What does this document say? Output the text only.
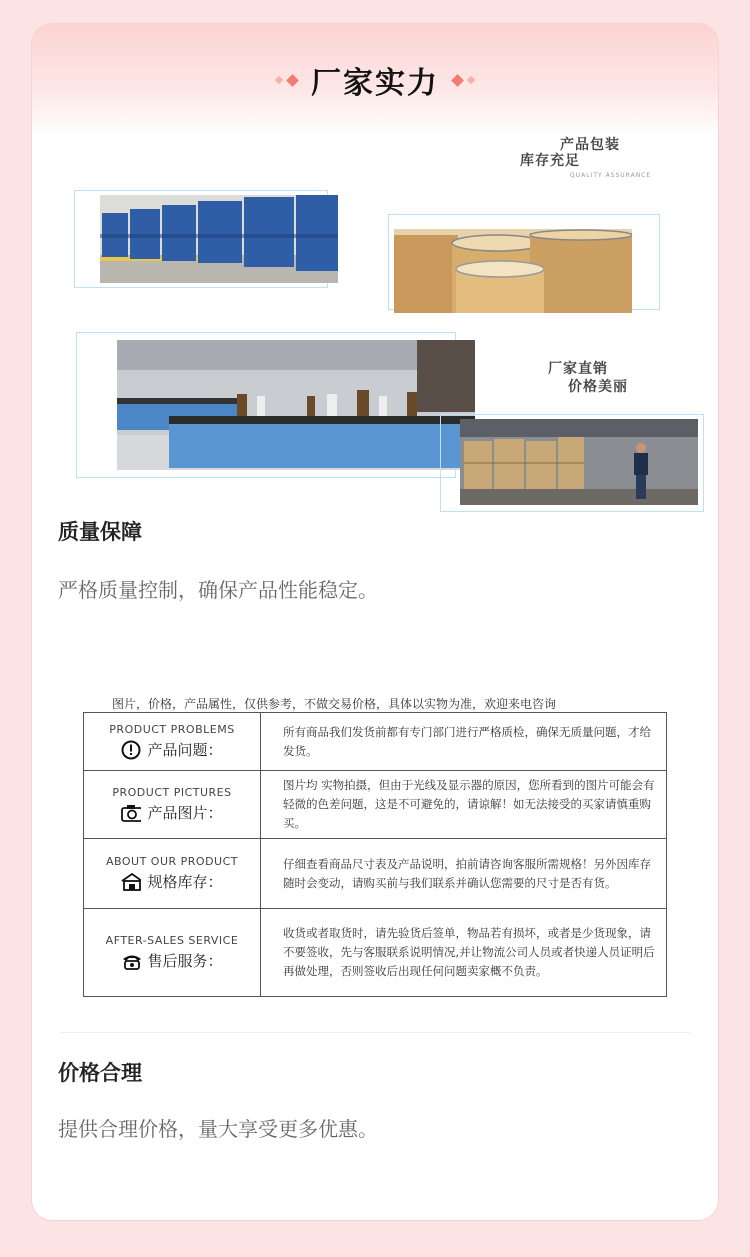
厂家实力
产品包装
库存充足
QUALITY ASSURANCE
厂家直销
价格美丽
质量保障
严格质量控制，确保产品性能稳定。
图片，价格，产品属性，仅供参考，不做交易价格，具体以实物为准，欢迎来电咨询
PRODUCT PROBLEMS
产品问题：	所有商品我们发货前都有专门部门进行严格质检，确保无质量问题，才给发货。

PRODUCT PICTURES
产品图片：	图片均 实物拍摄，但由于光线及显示器的原因，您所看到的图片可能会有轻微的色差问题，这是不可避免的，请谅解！如无法接受的买家请慎重购买。

ABOUT OUR PRODUCT
规格库存：	仔细查看商品尺寸表及产品说明，拍前请咨询客服所需规格！另外因库存随时会变动，请购买前与我们联系并确认您需要的尺寸是否有货。

AFTER-SALES SERVICE
售后服务：	收货或者取货时，请先验货后签单，物品若有损坏，或者是少货现象，请不要签收，先与客服联系说明情况,并让物流公司人员或者快递人员证明后再做处理，否则签收后出现任何问题卖家概不负责。
价格合理
提供合理价格，量大享受更多优惠。
